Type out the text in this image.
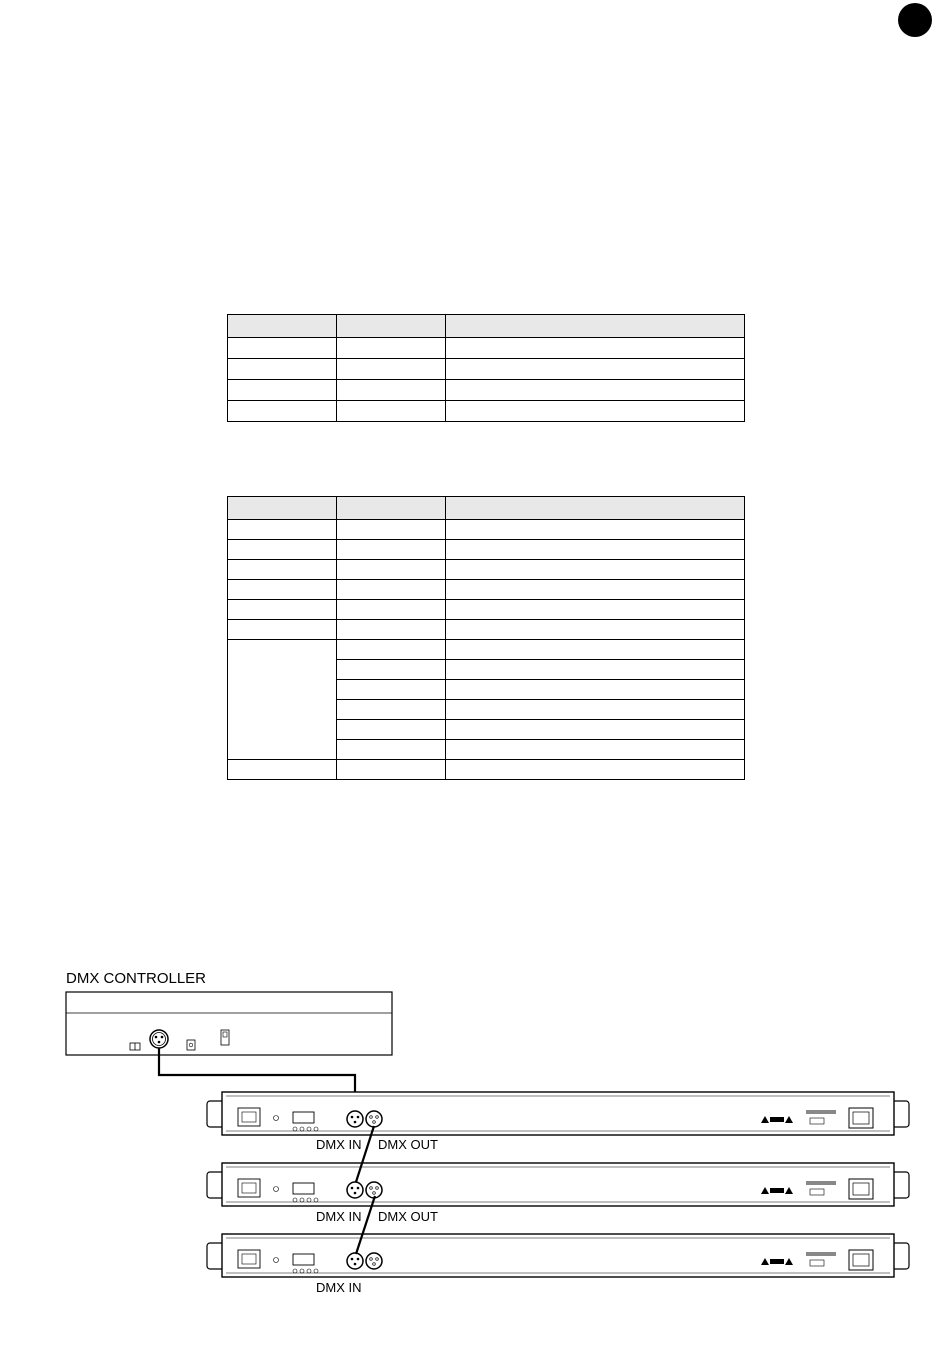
DMX CONTROLLER
DMX IN DMX OUT
DMX IN DMX OUT
DMX IN
